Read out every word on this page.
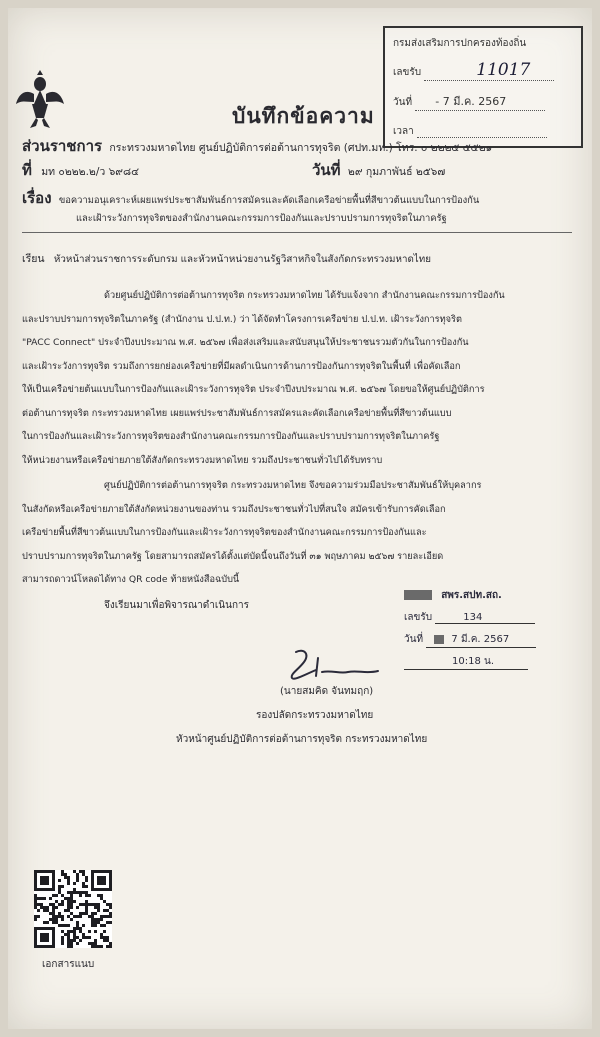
กรมส่งเสริมการปกครองท้องถิ่น
เลขรับ	11017
วันที่ - 7 มี.ค. 2567
เวลา
บันทึกข้อความ
ส่วนราชการ กระทรวงมหาดไทย ศูนย์ปฏิบัติการต่อต้านการทุจริต (ศปท.มท.) โทร. ๐ ๒๒๒๕ ๕๕๒๑
ที่ มท ๐๒๒๒.๒/ว ๖๙๘๔	วันที่ ๒๙ กุมภาพันธ์ ๒๕๖๗
เรื่อง ขอความอนุเคราะห์เผยแพร่ประชาสัมพันธ์การสมัครและคัดเลือกเครือข่ายพื้นที่สีขาวต้นแบบในการป้องกัน
และเฝ้าระวังการทุจริตของสำนักงานคณะกรรมการป้องกันและปราบปรามการทุจริตในภาครัฐ
เรียน หัวหน้าส่วนราชการระดับกรม และหัวหน้าหน่วยงานรัฐวิสาหกิจในสังกัดกระทรวงมหาดไทย
ด้วยศูนย์ปฏิบัติการต่อต้านการทุจริต กระทรวงมหาดไทย ได้รับแจ้งจาก สำนักงานคณะกรรมการป้องกัน
และปราบปรามการทุจริตในภาครัฐ (สำนักงาน ป.ป.ท.) ว่า ได้จัดทำโครงการเครือข่าย ป.ป.ท. เฝ้าระวังการทุจริต
"PACC Connect" ประจำปีงบประมาณ พ.ศ. ๒๕๖๗ เพื่อส่งเสริมและสนับสนุนให้ประชาชนรวมตัวกันในการป้องกัน
และเฝ้าระวังการทุจริต รวมถึงการยกย่องเครือข่ายที่มีผลดำเนินการด้านการป้องกันการทุจริตในพื้นที่ เพื่อคัดเลือก
ให้เป็นเครือข่ายต้นแบบในการป้องกันและเฝ้าระวังการทุจริต ประจำปีงบประมาณ พ.ศ. ๒๕๖๗ โดยขอให้ศูนย์ปฏิบัติการ
ต่อต้านการทุจริต กระทรวงมหาดไทย เผยแพร่ประชาสัมพันธ์การสมัครและคัดเลือกเครือข่ายพื้นที่สีขาวต้นแบบ
ในการป้องกันและเฝ้าระวังการทุจริตของสำนักงานคณะกรรมการป้องกันและปราบปรามการทุจริตในภาครัฐ
ให้หน่วยงานหรือเครือข่ายภายใต้สังกัดกระทรวงมหาดไทย รวมถึงประชาชนทั่วไปได้รับทราบ
ศูนย์ปฏิบัติการต่อต้านการทุจริต กระทรวงมหาดไทย จึงขอความร่วมมือประชาสัมพันธ์ให้บุคลากร
ในสังกัดหรือเครือข่ายภายใต้สังกัดหน่วยงานของท่าน รวมถึงประชาชนทั่วไปที่สนใจ สมัครเข้ารับการคัดเลือก
เครือข่ายพื้นที่สีขาวต้นแบบในการป้องกันและเฝ้าระวังการทุจริตของสำนักงานคณะกรรมการป้องกันและ
ปราบปรามการทุจริตในภาครัฐ โดยสามารถสมัครได้ตั้งแต่บัดนี้จนถึงวันที่ ๓๑ พฤษภาคม ๒๕๖๗ รายละเอียด
สามารถดาวน์โหลดได้ทาง QR code ท้ายหนังสือฉบับนี้
จึงเรียนมาเพื่อพิจารณาดำเนินการ
สพร.สปท.สถ.
เลขรับ	134
วันที่	7 มี.ค. 2567
10:18 น.
(นายสมคิด จันทมฤก)
รองปลัดกระทรวงมหาดไทย
หัวหน้าศูนย์ปฏิบัติการต่อต้านการทุจริต กระทรวงมหาดไทย
เอกสารแนบ
